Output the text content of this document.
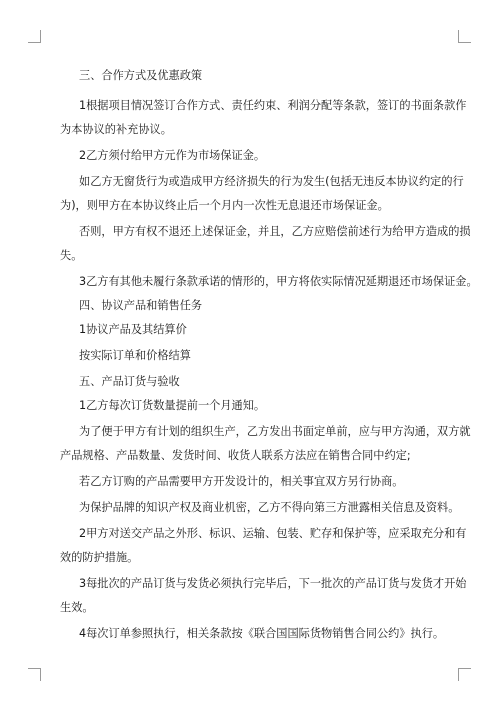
三、合作方式及优惠政策
1根据项目情况签订合作方式、责任约束、利润分配等条款，签订的书面条款作
为本协议的补充协议。
2乙方须付给甲方元作为市场保证金。
如乙方无窗货行为或造成甲方经济损失的行为发生(包括无违反本协议约定的行
为)，则甲方在本协议终止后一个月内一次性无息退还市场保证金。
否则，甲方有权不退还上述保证金，并且，乙方应赔偿前述行为给甲方造成的损
失。
3乙方有其他未履行条款承诺的情形的，甲方将依实际情况延期退还市场保证金。
四、协议产品和销售任务
1协议产品及其结算价
按实际订单和价格结算
五、产品订货与验收
1乙方每次订货数量提前一个月通知。
为了便于甲方有计划的组织生产，乙方发出书面定单前，应与甲方沟通，双方就
产品规格、产品数量、发货时间、收货人联系方法应在销售合同中约定;
若乙方订购的产品需要甲方开发设计的，相关事宜双方另行协商。
为保护品牌的知识产权及商业机密，乙方不得向第三方泄露相关信息及资料。
2甲方对送交产品之外形、标识、运输、包装、贮存和保护等，应采取充分和有
效的防护措施。
3每批次的产品订货与发货必须执行完毕后，下一批次的产品订货与发货才开始
生效。
4每次订单参照执行，相关条款按《联合国国际货物销售合同公约》执行。
